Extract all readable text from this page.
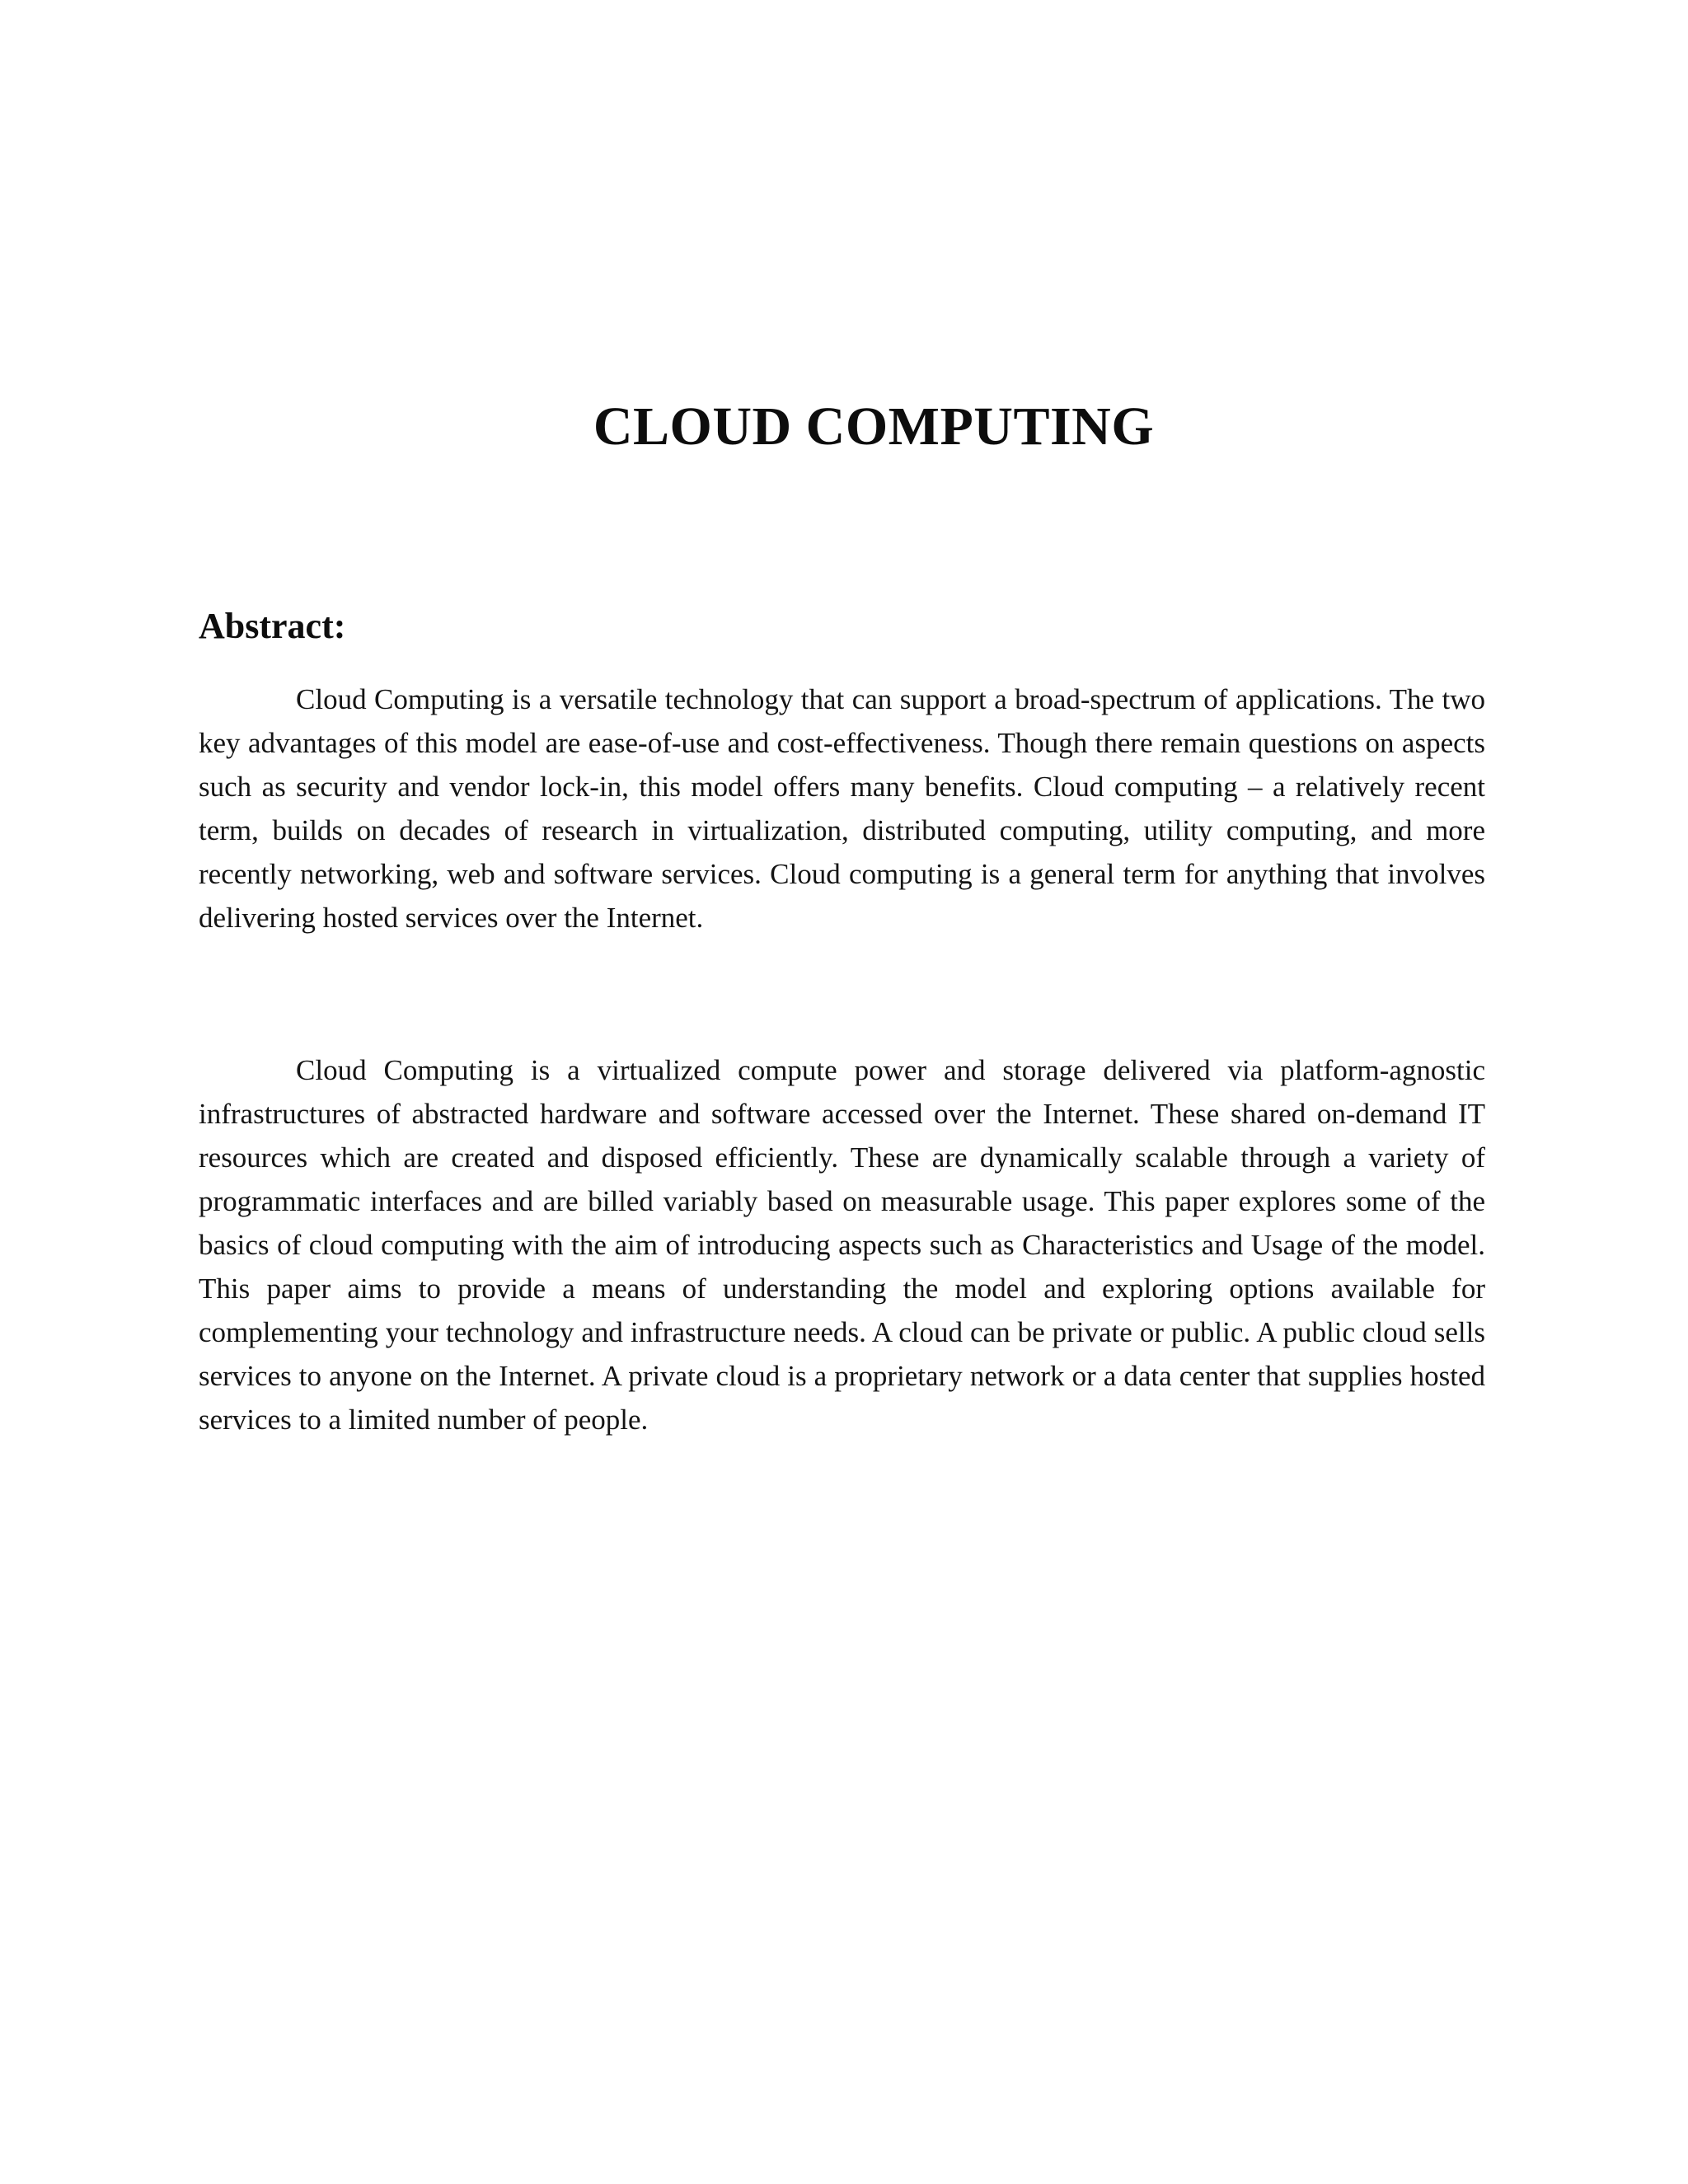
CLOUD COMPUTING
Abstract:

Cloud Computing is a versatile technology that can support a broad-spectrum of applications. The two key advantages of this model are ease-of-use and cost-effectiveness. Though there remain questions on aspects such as security and vendor lock-in, this model offers many benefits. Cloud computing – a relatively recent term, builds on decades of research in virtualization, distributed computing, utility computing, and more recently networking, web and software services. Cloud computing is a general term for anything that involves delivering hosted services over the Internet.

Cloud Computing is a virtualized compute power and storage delivered via platform-agnostic infrastructures of abstracted hardware and software accessed over the Internet. These shared on-demand IT resources which are created and disposed efficiently. These are dynamically scalable through a variety of programmatic interfaces and are billed variably based on measurable usage. This paper explores some of the basics of cloud computing with the aim of introducing aspects such as Characteristics and Usage of the model. This paper aims to provide a means of understanding the model and exploring options available for complementing your technology and infrastructure needs. A cloud can be private or public. A public cloud sells services to anyone on the Internet. A private cloud is a proprietary network or a data center that supplies hosted services to a limited number of people.
